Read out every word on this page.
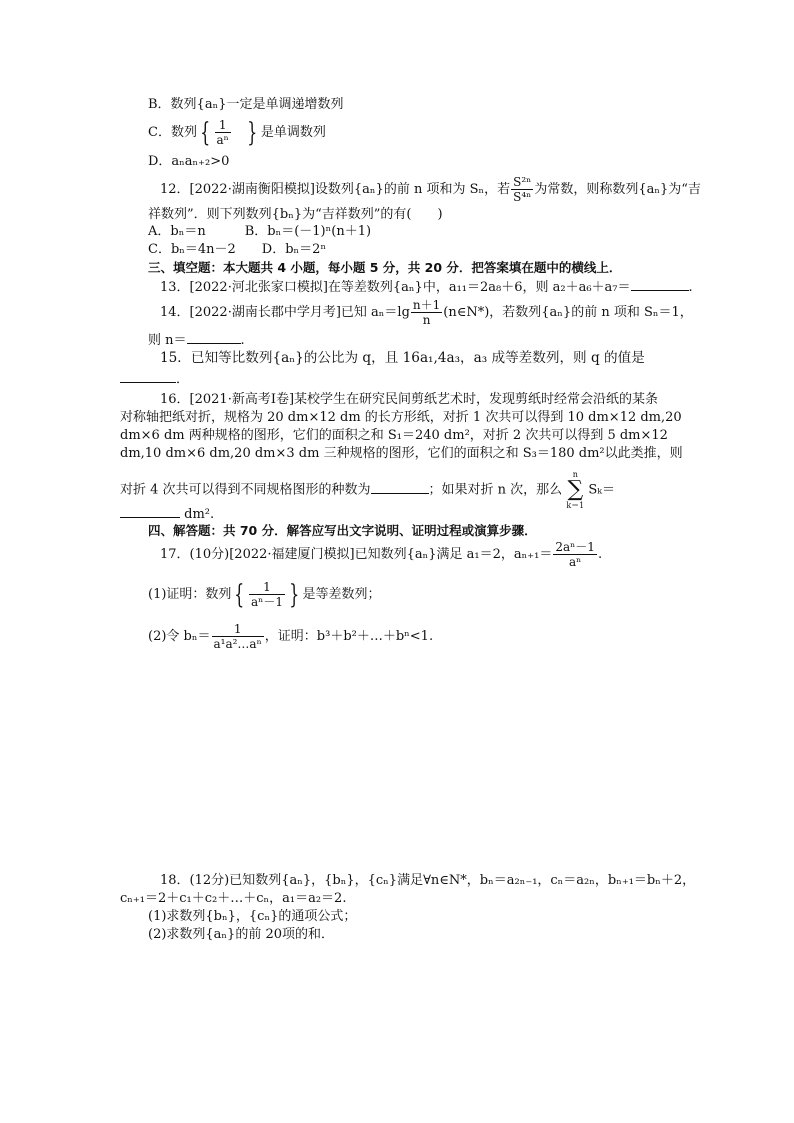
B．数列{aₙ}一定是单调递增数列
C．数列 { $\frac{1}{\text{aⁿ}}$ } 是单调数列
D．aₙaₙ₊₂>0
12．[2022·湖南衡阳模拟]设数列{aₙ}的前 n 项和为 Sₙ，若 $\frac{\text{S²ⁿ}}{\text{S⁴ⁿ}}$ 为常数，则称数列{aₙ}为“吉
祥数列”．则下列数列{bₙ}为“吉祥数列”的有(　　)
A．bₙ＝n　　　B．bₙ＝(－1)ⁿ(n＋1)
C．bₙ＝4n－2　　D．bₙ＝2ⁿ
三、填空题：本大题共 4 小题，每小题 5 分，共 20 分．把答案填在题中的横线上．
13．[2022·河北张家口模拟]在等差数列{aₙ}中，a₁₁＝2a₈＋6，则 a₂＋a₆＋a₇＝	.
14．[2022·湖南长郡中学月考]已知 $a_n=\lg \frac{n+1}{n}$ (n∈N*)，若数列{aₙ}的前 n 项和 Sₙ＝1，
则 n＝	.
15．已知等比数列{aₙ}的公比为 q，且 16a₁,4a₃，a₃ 成等差数列，则 q 的值是
．
16．[2021·新高考Ⅰ卷]某校学生在研究民间剪纸艺术时，发现剪纸时经常会沿纸的某条
对称轴把纸对折，规格为 20 dm×12 dm 的长方形纸，对折 1 次共可以得到 10 dm×12 dm,20
dm×6 dm 两种规格的图形，它们的面积之和 S₁＝240 dm²，对折 2 次共可以得到 5 dm×12
dm,10 dm×6 dm,20 dm×3 dm 三种规格的图形，它们的面积之和 S₃＝180 dm²以此类推，则
对折 4 次共可以得到不同规格图形的种数为	；如果对折 n 次，那么
n
∑
k＝1
Sₖ＝
dm².
四、解答题：共 70 分．解答应写出文字说明、证明过程或演算步骤．
17．(10分)[2022·福建厦门模拟]已知数列{aₙ}满足 a₁＝2，$a_{n+1}= \frac{\text{2aⁿ－1}}{\text{aⁿ}}$ .
(1)证明：数列 { $\frac{1}{\text{aⁿ－1}}$ } 是等差数列；
(2)令 $b_n= \frac{1}{\text{a¹a²…aⁿ}}$ ，证明：b³＋b²＋…＋bⁿ<1.
18．(12分)已知数列{aₙ}，{bₙ}，{cₙ}满足∀n∈N*，bₙ＝a₂ₙ₋₁，cₙ＝a₂ₙ，bₙ₊₁＝bₙ＋2，
cₙ₊₁＝2＋c₁＋c₂＋…＋cₙ，a₁＝a₂＝2.
(1)求数列{bₙ}，{cₙ}的通项公式；
(2)求数列{aₙ}的前 20项的和．
